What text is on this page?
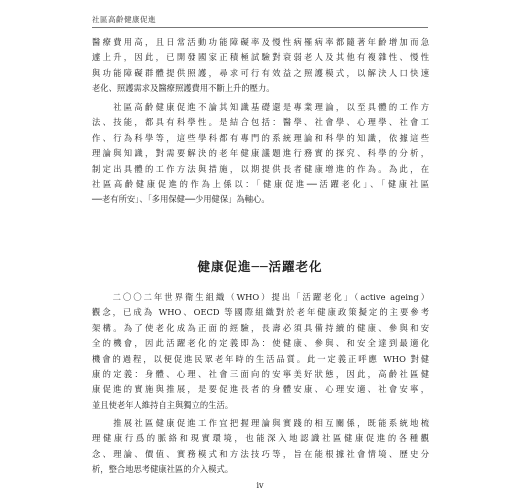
社區高齡健康促進

醫療費用高，且日常活動功能障礙率及慢性病罹病率都隨著年齡增加而急
遽上升，因此，已開發國家正積極試驗對衰弱老人及其他有複雜性、慢性
與功能障礙群體提供照護，尋求可行有效益之照護模式，以解決人口快速
老化、照護需求及醫療照護費用不斷上升的壓力。

　　社區高齡健康促進不論其知識基礎還是專業理論，以至具體的工作方
法、技能，都具有科學性。是結合包括：醫學、社會學、心理學、社會工
作、行為科學等，這些學科都有專門的系統理論和科學的知識，依據這些
理論與知識，對需要解決的老年健康議題進行務實的探究、科學的分析，
制定出具體的工作方法與措施，以期提供長者健康增進的作為。為此，在
社區高齡健康促進的作為上係以：「健康促進──活躍老化」、「健康社區
──老有所安」、「多用保健──少用健保」為軸心。

健康促進──活躍老化

　　二〇〇二年世界衛生組織（WHO）提出「活躍老化」（active ageing）
觀念，已成為 WHO、OECD 等國際組織對於老年健康政策擬定的主要參考
架構。為了使老化成為正面的經驗，長壽必須具備持續的健康、參與和安
全的機會，因此活躍老化的定義即為：使健康、參與、和安全達到最適化
機會的過程，以便促進民眾老年時的生活品質。此一定義正呼應 WHO 對健
康的定義：身體、心理、社會三面向的安寧美好狀態，因此，高齡社區健
康促進的實施與推展，是要促進長者的身體安康、心理安適、社會安寧，
並且使老年人維持自主與獨立的生活。

　　推展社區健康促進工作宜把握理論與實踐的相互關係，既能系統地梳
理健康行爲的脈絡和現實環境，也能深入地認識社區健康促進的各種觀
念、理論、價值、實務模式和方法技巧等，旨在能根據社會情境、歷史分
析，整合地思考健康社區的介入模式。

iv
